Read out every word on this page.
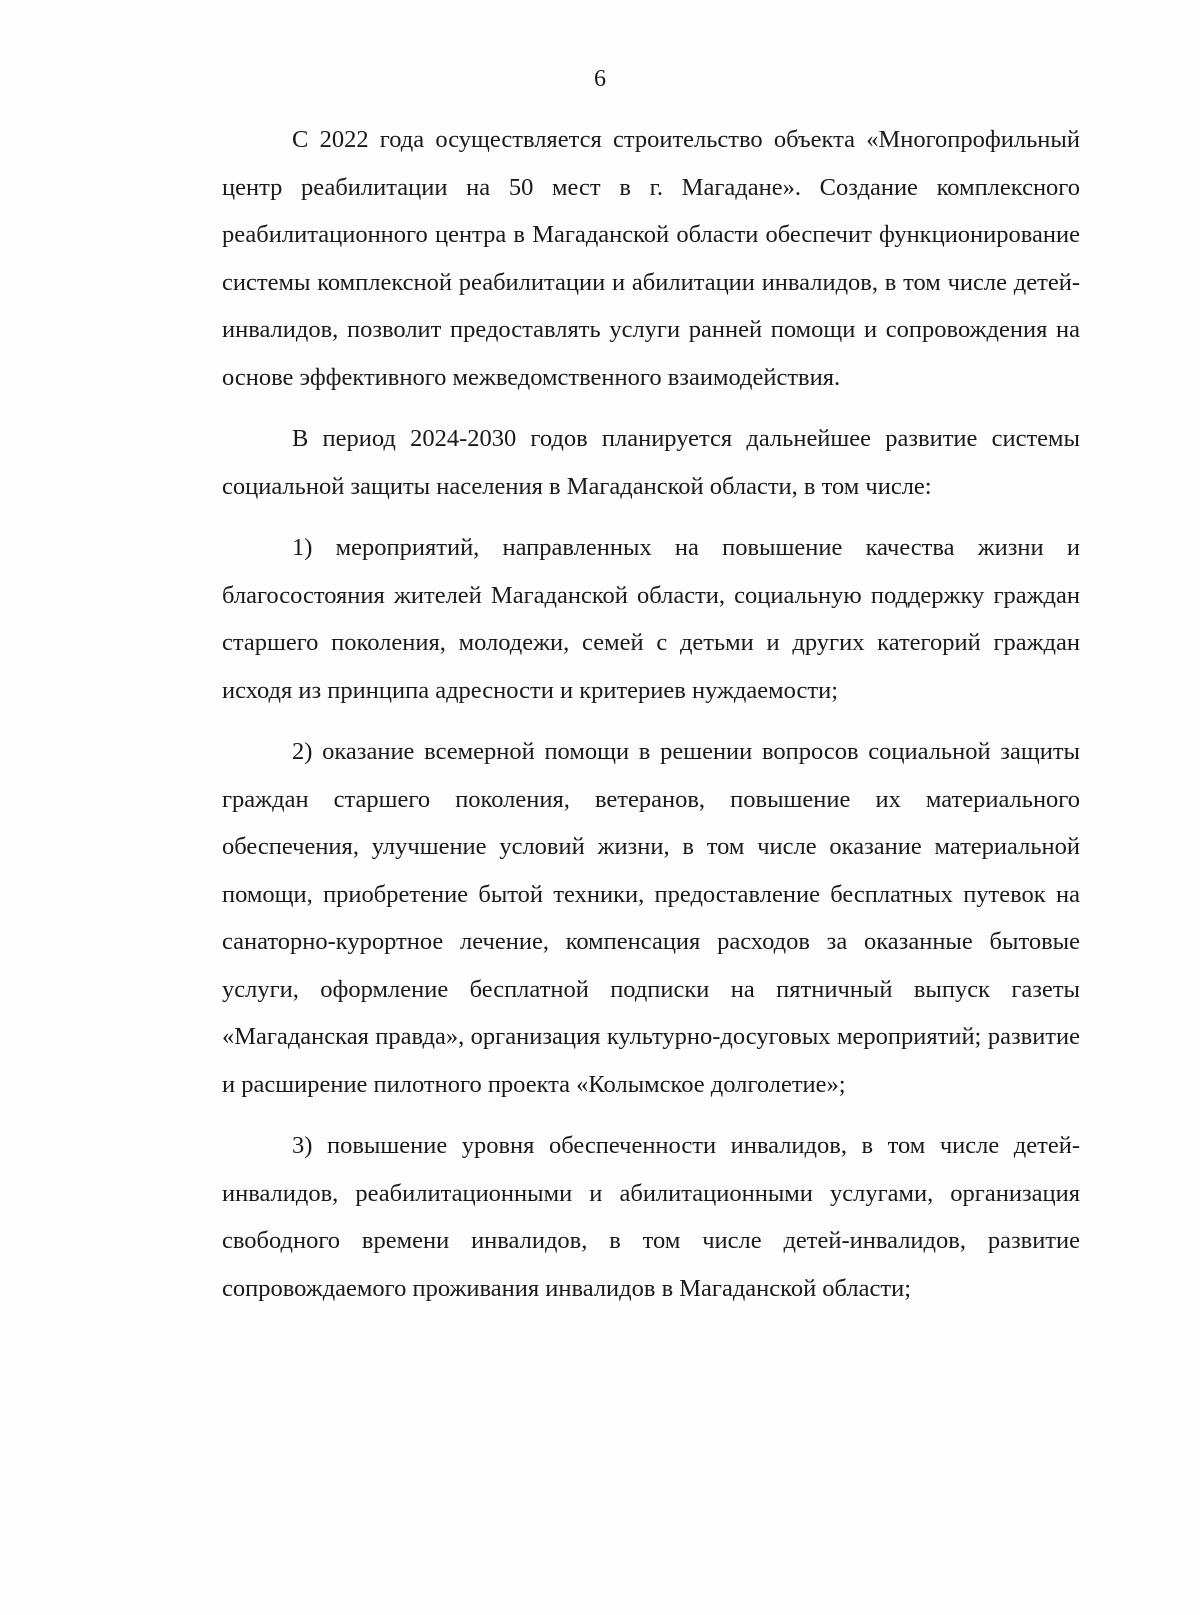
6

С 2022 года осуществляется строительство объекта «Многопрофильный центр реабилитации на 50 мест в г. Магадане». Создание комплексного реабилитационного центра в Магаданской области обеспечит функционирование системы комплексной реабилитации и абилитации инвалидов, в том числе детей-инвалидов, позволит предоставлять услуги ранней помощи и сопровождения на основе эффективного межведомственного взаимодействия.

В период 2024-2030 годов планируется дальнейшее развитие системы социальной защиты населения в Магаданской области, в том числе:

1) мероприятий, направленных на повышение качества жизни и благосостояния жителей Магаданской области, социальную поддержку граждан старшего поколения, молодежи, семей с детьми и других категорий граждан исходя из принципа адресности и критериев нуждаемости;

2) оказание всемерной помощи в решении вопросов социальной защиты граждан старшего поколения, ветеранов, повышение их материального обеспечения, улучшение условий жизни, в том числе оказание материальной помощи, приобретение бытой техники, предоставление бесплатных путевок на санаторно-курортное лечение, компенсация расходов за оказанные бытовые услуги, оформление бесплатной подписки на пятничный выпуск газеты «Магаданская правда», организация культурно-досуговых мероприятий; развитие и расширение пилотного проекта «Колымское долголетие»;

3) повышение уровня обеспеченности инвалидов, в том числе детей-инвалидов, реабилитационными и абилитационными услугами, организация свободного времени инвалидов, в том числе детей-инвалидов, развитие сопровождаемого проживания инвалидов в Магаданской области;
